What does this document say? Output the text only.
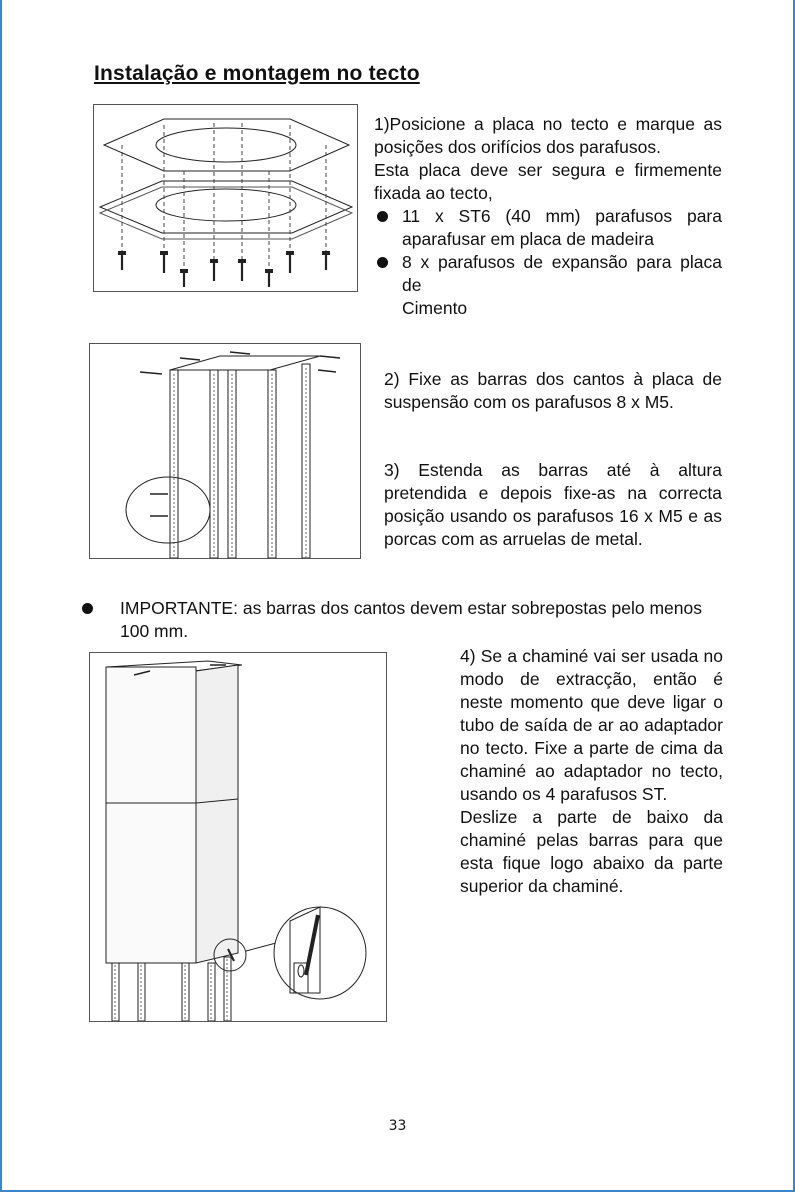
Instalação e montagem no tecto

1)Posicione a placa no tecto e marque as posições dos orifícios dos parafusos.

Esta placa deve ser segura e firmemente fixada ao tecto,

11 x ST6 (40 mm) parafusos para aparafusar em placa de madeira
8 x parafusos de expansão para placa de

Cimento

2) Fixe as barras dos cantos à placa de suspensão com os parafusos 8 x M5.

3) Estenda as barras até à altura pretendida e depois fixe-as na correcta posição usando os parafusos 16 x M5 e as porcas com as arruelas de metal.

IMPORTANTE: as barras dos cantos devem estar sobrepostas pelo menos 100 mm.

4) Se a chaminé vai ser usada no modo de extracção, então é neste momento que deve ligar o tubo de saída de ar ao adaptador no tecto. Fixe a parte de cima da chaminé ao adaptador no tecto, usando os 4 parafusos ST.

Deslize a parte de baixo da chaminé pelas barras para que esta fique logo abaixo da parte superior da chaminé.

33
